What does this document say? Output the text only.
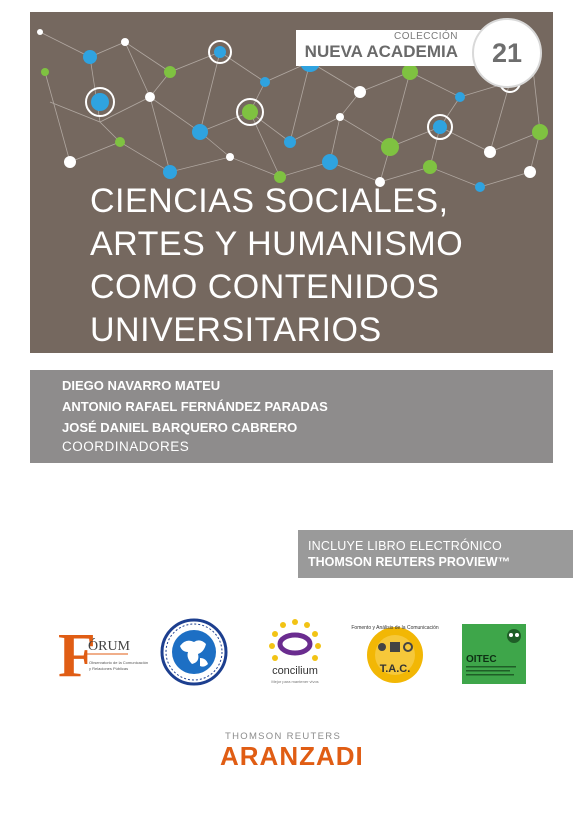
CIENCIAS SOCIALES,
ARTES Y HUMANISMO
COMO CONTENIDOS
UNIVERSITARIOS
COLECCIÓN
NUEVA ACADEMIA	21
DIEGO NAVARRO MATEU
ANTONIO RAFAEL FERNÁNDEZ PARADAS
JOSÉ DANIEL BARQUERO CABRERO
COORDINADORES
INCLUYE LIBRO ELECTRÓNICO
THOMSON REUTERS PROVIEW™
F
ÓRUM
Observatorio de la Comunicación
y Relaciones Públicas	concilium
Mejor para mantener vivos
Fomento y Análisis de la Comunicación
T.A.C.
OITEC
THOMSON REUTERS
ARANZADI
